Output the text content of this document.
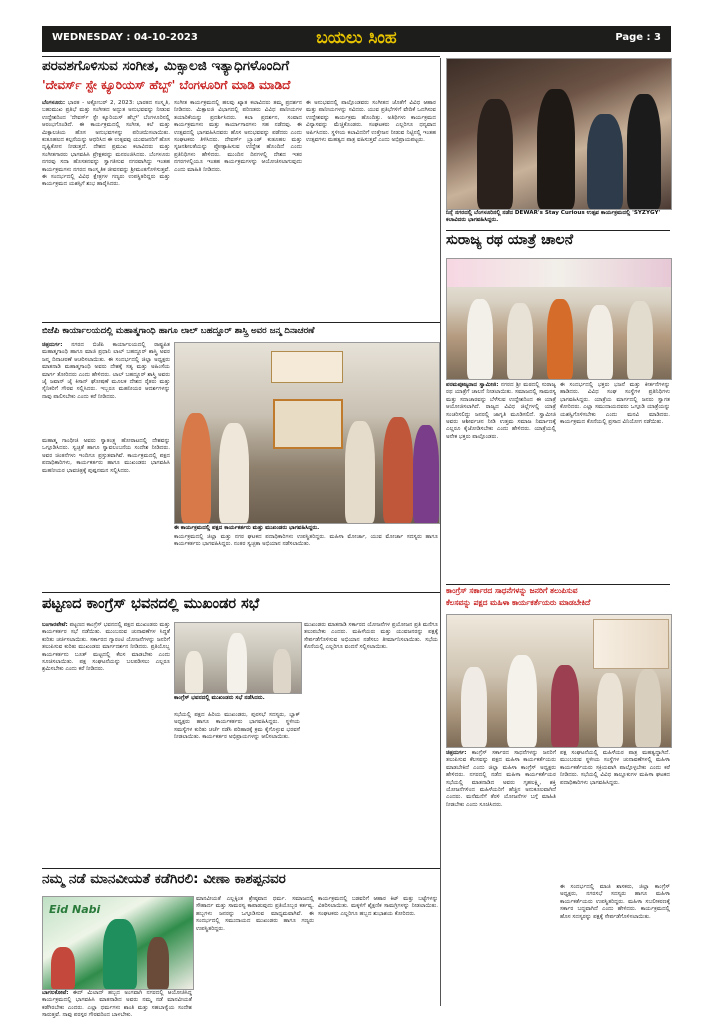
WEDNESDAY : 04-10-2023	ಬಯಲು ಸಿಂಹ	Page : 3
ಪರವಶಗೊಳಿಸುವ ಸಂಗೀತ, ಮಿಕ್ಸಾಲಜಿ ಇತ್ಯಾಧಿಗಳೊಂದಿಗೆ
'ದೇವರ್ಸ್ ಸ್ಟೇ ಕ್ಯೂರಿಯಸ್ ಹೆಬ್ಬ್' ಬೆಂಗಳೂರಿಗೆ ಮಾಡಿ ಮಾಡಿದೆ
ಬೆಂಗಳೂರು: ಭಾರತ - ಅಕ್ಟೋಬರ್ 2, 2023: ಭಾರತದ ಸಂಸ್ಕೃತಿ, ಬಹುಮುಖ ಪ್ರತಿಭೆ ಮತ್ತು ಸಂಗೀತದ ಅದ್ಭುತ ಅನುಭವವನ್ನು ನೀಡುವ ಉದ್ದೇಶದಿಂದ 'ದೇವರ್ಸ್ ಸ್ಟೇ ಕ್ಯೂರಿಯಸ್ ಹೆಬ್ಬ್' ಬೆಂಗಳೂರಿನಲ್ಲಿ ಆರಂಭಗೊಂಡಿದೆ. ಈ ಕಾರ್ಯಕ್ರಮದಲ್ಲಿ ಸಂಗೀತ, ಕಲೆ ಮತ್ತು ಮಿಕ್ಸಾಲಜಿಯ ಹೊಸ ಅನುಭವಗಳನ್ನು ಪರಿಚಯಿಸಲಾಯಿತು. ಕುತೂಹಲದ ಕಲ್ಪನೆಯನ್ನು ಆಧರಿಸಿದ ಈ ಉತ್ಸವವು ಯುವಜನರಿಗೆ ಹೊಸ ದೃಷ್ಟಿಕೋನ ನೀಡುತ್ತದೆ. ದೇಶದ ಪ್ರಮುಖ ಕಲಾವಿದರು ಮತ್ತು ಸಂಗೀತಗಾರರು ಭಾಗವಹಿಸಿ ಪ್ರೇಕ್ಷಕರನ್ನು ಮನರಂಜಿಸಿದರು. ಬೆಂಗಳೂರು ನಗರವು ಸದಾ ಹೊಸತನವನ್ನು ಸ್ವಾಗತಿಸುವ ನಗರವಾಗಿದ್ದು ಇಂತಹ ಕಾರ್ಯಕ್ರಮಗಳು ನಗರದ ಸಾಂಸ್ಕೃತಿಕ ಜೀವನವನ್ನು ಶ್ರೀಮಂತಗೊಳಿಸುತ್ತವೆ. ಈ ಸಂದರ್ಭದಲ್ಲಿ ವಿವಿಧ ಕ್ಷೇತ್ರಗಳ ಗಣ್ಯರು ಉಪಸ್ಥಿತರಿದ್ದರು ಮತ್ತು ಕಾರ್ಯಕ್ರಮದ ಯಶಸ್ಸಿಗೆ ಶುಭ ಹಾರೈಸಿದರು.
ಸಂಗೀತ ಕಾರ್ಯಕ್ರಮದಲ್ಲಿ ಹಲವು ಖ್ಯಾತ ಕಲಾವಿದರು ತಮ್ಮ ಪ್ರದರ್ಶನ ನೀಡಿದರು. ಮಿಕ್ಸಾಲಜಿ ವಿಭಾಗದಲ್ಲಿ ಪರಿಣತರು ವಿವಿಧ ಪಾನೀಯಗಳ ತಯಾರಿಕೆಯನ್ನು ಪ್ರದರ್ಶಿಸಿದರು. ಕಲಾ ಪ್ರದರ್ಶನ, ಸಂವಾದ ಕಾರ್ಯಕ್ರಮಗಳು ಮತ್ತು ಕಾರ್ಯಾಗಾರಗಳು ಸಹ ನಡೆದವು. ಈ ಉತ್ಸವದಲ್ಲಿ ಭಾಗವಹಿಸಿದವರು ಹೊಸ ಅನುಭವವನ್ನು ಪಡೆದರು ಎಂದು ಸಂಘಟಕರು ತಿಳಿಸಿದರು. ದೇವರ್ಸ್ ಬ್ರ್ಯಾಂಡ್ ಕುತೂಹಲ ಮತ್ತು ಸೃಜನಶೀಲತೆಯನ್ನು ಪ್ರೋತ್ಸಾಹಿಸುವ ಉದ್ದೇಶ ಹೊಂದಿದೆ ಎಂದು ಪ್ರತಿನಿಧಿಗಳು ಹೇಳಿದರು. ಮುಂದಿನ ದಿನಗಳಲ್ಲಿ ದೇಶದ ಇತರ ನಗರಗಳಲ್ಲಿಯೂ ಇಂತಹ ಕಾರ್ಯಕ್ರಮಗಳನ್ನು ಆಯೋಜಿಸಲಾಗುವುದು ಎಂದು ಮಾಹಿತಿ ನೀಡಿದರು.
ಈ ಅನುಭವದಲ್ಲಿ ಪಾಲ್ಗೊಂಡವರು ಸಂಗೀತದ ಜೊತೆಗೆ ವಿವಿಧ ಆಹಾರ ಮತ್ತು ಪಾನೀಯಗಳನ್ನು ಸವಿದರು. ಯುವ ಪ್ರತಿಭೆಗಳಿಗೆ ವೇದಿಕೆ ಒದಗಿಸುವ ಉದ್ದೇಶವನ್ನು ಕಾರ್ಯಕ್ರಮ ಹೊಂದಿತ್ತು. ಅತಿಥಿಗಳು ಕಾರ್ಯಕ್ರಮದ ವಿನ್ಯಾಸವನ್ನು ಮೆಚ್ಚಿಕೊಂಡರು. ಸಂಘಟಕರು ಎಲ್ಲರಿಗೂ ಧನ್ಯವಾದ ಅರ್ಪಿಸಿದರು. ಸ್ಥಳೀಯ ಕಲಾವಿದರಿಗೆ ಉತ್ತೇಜನ ನೀಡುವ ನಿಟ್ಟಿನಲ್ಲಿ ಇಂತಹ ಉತ್ಸವಗಳು ಮಹತ್ವದ ಪಾತ್ರ ವಹಿಸುತ್ತವೆ ಎಂದು ಅಭಿಪ್ರಾಯಪಟ್ಟರು.
ನಿನ್ನೆ ನಗರದಲ್ಲಿ ಬೆಂಗಳೂರಿನಲ್ಲಿ ನಡೆದ DEWAR's Stay Curious ಉತ್ಸವ ಕಾರ್ಯಕ್ರಮದಲ್ಲಿ 'SYZYGY' ಕಲಾವಿದರು ಭಾಗವಹಿಸಿದ್ದರು.
ಬಿಜೆಪಿ ಕಾರ್ಯಾಲಯದಲ್ಲಿ ಮಹಾತ್ಮಗಾಂಧಿ ಹಾಗೂ ಲಾಲ್ ಬಹದ್ದೂರ್ ಶಾಸ್ತ್ರಿ ಅವರ ಜನ್ಮ ದಿನಾಚರಣೆ
ಚಿತ್ರದುರ್ಗ: ನಗರದ ಬಿಜೆಪಿ ಕಾರ್ಯಾಲಯದಲ್ಲಿ ರಾಷ್ಟ್ರಪಿತ ಮಹಾತ್ಮಗಾಂಧಿ ಹಾಗೂ ಮಾಜಿ ಪ್ರಧಾನಿ ಲಾಲ್ ಬಹದ್ದೂರ್ ಶಾಸ್ತ್ರಿ ಅವರ ಜನ್ಮ ದಿನಾಚರಣೆ ಆಚರಿಸಲಾಯಿತು. ಈ ಸಂದರ್ಭದಲ್ಲಿ ಜಿಲ್ಲಾ ಅಧ್ಯಕ್ಷರು ಮಾತನಾಡಿ ಮಹಾತ್ಮಗಾಂಧಿ ಅವರು ದೇಶಕ್ಕೆ ಸತ್ಯ ಮತ್ತು ಅಹಿಂಸೆಯ ಮಾರ್ಗ ತೋರಿದರು ಎಂದು ಹೇಳಿದರು. ಲಾಲ್ ಬಹದ್ದೂರ್ ಶಾಸ್ತ್ರಿ ಅವರು ಜೈ ಜವಾನ್ ಜೈ ಕಿಸಾನ್ ಘೋಷಣೆ ಮೂಲಕ ದೇಶದ ರೈತರು ಮತ್ತು ಸೈನಿಕರಿಗೆ ಗೌರವ ಸಲ್ಲಿಸಿದರು. ಇಬ್ಬರೂ ಮಹನೀಯರ ಆದರ್ಶಗಳನ್ನು ನಾವು ಪಾಲಿಸಬೇಕು ಎಂದು ಕರೆ ನೀಡಿದರು.
ಮಹಾತ್ಮ ಗಾಂಧೀಜಿ ಅವರು ಸ್ವಾತಂತ್ರ್ಯ ಹೋರಾಟದಲ್ಲಿ ದೇಶವನ್ನು ಒಗ್ಗೂಡಿಸಿದರು. ಸ್ವಚ್ಛತೆ ಹಾಗೂ ಸ್ವಾವಲಂಬನೆಯ ಸಂದೇಶ ನೀಡಿದರು. ಅವರ ಚಿಂತನೆಗಳು ಇಂದಿಗೂ ಪ್ರಸ್ತುತವಾಗಿವೆ. ಕಾರ್ಯಕ್ರಮದಲ್ಲಿ ಪಕ್ಷದ ಪದಾಧಿಕಾರಿಗಳು, ಕಾರ್ಯಕರ್ತರು ಹಾಗೂ ಮುಖಂಡರು ಭಾಗವಹಿಸಿ ಮಹನೀಯರ ಭಾವಚಿತ್ರಕ್ಕೆ ಪುಷ್ಪನಮನ ಸಲ್ಲಿಸಿದರು.
ಈ ಕಾರ್ಯಕ್ರಮದಲ್ಲಿ ಪಕ್ಷದ ಕಾರ್ಯಕರ್ತರು ಮತ್ತು ಮುಖಂಡರು ಭಾಗವಹಿಸಿದ್ದರು.
ಕಾರ್ಯಕ್ರಮದಲ್ಲಿ ಜಿಲ್ಲಾ ಮತ್ತು ನಗರ ಘಟಕದ ಪದಾಧಿಕಾರಿಗಳು ಉಪಸ್ಥಿತರಿದ್ದರು. ಮಹಿಳಾ ಮೋರ್ಚಾ, ಯುವ ಮೋರ್ಚಾ ಸದಸ್ಯರು ಹಾಗೂ ಕಾರ್ಯಕರ್ತರು ಭಾಗವಹಿಸಿದ್ದರು. ನಂತರ ಸ್ವಚ್ಛತಾ ಅಭಿಯಾನ ನಡೆಸಲಾಯಿತು.
ಸುರಾಜ್ಯ ರಥ ಯಾತ್ರೆ ಚಾಲನೆ
ಪರಮಪೂಜ್ಯರಾದ ಸ್ವಾಮೀಜಿ: ನಗರದ ಶ್ರೀ ಮಠದಲ್ಲಿ ಸುರಾಜ್ಯ ರಥ ಯಾತ್ರೆಗೆ ಚಾಲನೆ ನೀಡಲಾಯಿತು. ಸಮಾಜದಲ್ಲಿ ಸಾಮರಸ್ಯ ಮತ್ತು ಸದಾಚಾರವನ್ನು ಬೆಳೆಸುವ ಉದ್ದೇಶದಿಂದ ಈ ಯಾತ್ರೆ ಆಯೋಜಿಸಲಾಗಿದೆ. ರಾಜ್ಯದ ವಿವಿಧ ಜಿಲ್ಲೆಗಳಲ್ಲಿ ಯಾತ್ರೆ ಸಂಚರಿಸಲಿದ್ದು ಜನರಲ್ಲಿ ಜಾಗೃತಿ ಮೂಡಿಸಲಿದೆ. ಸ್ವಾಮೀಜಿ ಅವರು ಆಶೀರ್ವಚನ ನೀಡಿ ಉತ್ತಮ ಸಮಾಜ ನಿರ್ಮಾಣಕ್ಕೆ ಎಲ್ಲರೂ ಕೈಜೋಡಿಸಬೇಕು ಎಂದು ಹೇಳಿದರು. ಯಾತ್ರೆಯಲ್ಲಿ ಅನೇಕ ಭಕ್ತರು ಪಾಲ್ಗೊಂಡರು.
ಈ ಸಂದರ್ಭದಲ್ಲಿ ಭಕ್ತರು ಭಜನೆ ಮತ್ತು ಕೀರ್ತನೆಗಳನ್ನು ಹಾಡಿದರು. ವಿವಿಧ ಸಂಘ ಸಂಸ್ಥೆಗಳ ಪ್ರತಿನಿಧಿಗಳು ಭಾಗವಹಿಸಿದ್ದರು. ಯಾತ್ರೆಯ ಮಾರ್ಗದಲ್ಲಿ ಜನರು ಸ್ವಾಗತ ಕೋರಿದರು. ಎಲ್ಲಾ ಸಮುದಾಯದವರು ಒಗ್ಗೂಡಿ ಯಾತ್ರೆಯನ್ನು ಯಶಸ್ವಿಗೊಳಿಸಬೇಕು ಎಂದು ಮನವಿ ಮಾಡಿದರು. ಕಾರ್ಯಕ್ರಮದ ಕೊನೆಯಲ್ಲಿ ಪ್ರಸಾದ ವಿನಿಯೋಗ ನಡೆಯಿತು.
ಪಟ್ಟಣದ ಕಾಂಗ್ರೆಸ್ ಭವನದಲ್ಲಿ ಮುಖಂಡರ ಸಭೆ
ಬಂಗಾರಪೇಟೆ: ಪಟ್ಟಣದ ಕಾಂಗ್ರೆಸ್ ಭವನದಲ್ಲಿ ಪಕ್ಷದ ಮುಖಂಡರು ಮತ್ತು ಕಾರ್ಯಕರ್ತರ ಸಭೆ ನಡೆಯಿತು. ಮುಂಬರುವ ಚುನಾವಣೆಗಳ ಸಿದ್ಧತೆ ಕುರಿತು ಚರ್ಚಿಸಲಾಯಿತು. ಸರ್ಕಾರದ ಗ್ಯಾರಂಟಿ ಯೋಜನೆಗಳನ್ನು ಜನರಿಗೆ ತಲುಪಿಸುವ ಕುರಿತು ಮುಖಂಡರು ಮಾರ್ಗದರ್ಶನ ನೀಡಿದರು. ಪ್ರತಿಯೊಬ್ಬ ಕಾರ್ಯಕರ್ತನು ಬೂತ್ ಮಟ್ಟದಲ್ಲಿ ಕೆಲಸ ಮಾಡಬೇಕು ಎಂದು ಸೂಚಿಸಲಾಯಿತು. ಪಕ್ಷ ಸಂಘಟನೆಯನ್ನು ಬಲಪಡಿಸಲು ಎಲ್ಲರೂ ಶ್ರಮಿಸಬೇಕು ಎಂದು ಕರೆ ನೀಡಿದರು.
ಕಾಂಗ್ರೆಸ್ ಭವನದಲ್ಲಿ ಮುಖಂಡರು ಸಭೆ ನಡೆಸಿದರು.
ಸಭೆಯಲ್ಲಿ ಪಕ್ಷದ ಹಿರಿಯ ಮುಖಂಡರು, ಪುರಸಭೆ ಸದಸ್ಯರು, ಬ್ಲಾಕ್ ಅಧ್ಯಕ್ಷರು ಹಾಗೂ ಕಾರ್ಯಕರ್ತರು ಭಾಗವಹಿಸಿದ್ದರು. ಸ್ಥಳೀಯ ಸಮಸ್ಯೆಗಳ ಕುರಿತು ಚರ್ಚೆ ನಡೆಸಿ ಪರಿಹಾರಕ್ಕೆ ಕ್ರಮ ಕೈಗೊಳ್ಳುವ ಭರವಸೆ ನೀಡಲಾಯಿತು. ಕಾರ್ಯಕರ್ತರ ಅಭಿಪ್ರಾಯಗಳನ್ನು ಆಲಿಸಲಾಯಿತು.
ಮುಖಂಡರು ಮಾತನಾಡಿ ಸರ್ಕಾರದ ಯೋಜನೆಗಳ ಪ್ರಯೋಜನ ಪ್ರತಿ ಮನೆಗೂ ತಲುಪಬೇಕು ಎಂದರು. ಮಹಿಳೆಯರು ಮತ್ತು ಯುವಜನರನ್ನು ಪಕ್ಷಕ್ಕೆ ಸೇರ್ಪಡೆಗೊಳಿಸುವ ಅಭಿಯಾನ ನಡೆಸಲು ತೀರ್ಮಾನಿಸಲಾಯಿತು. ಸಭೆಯ ಕೊನೆಯಲ್ಲಿ ಎಲ್ಲರಿಗೂ ವಂದನೆ ಸಲ್ಲಿಸಲಾಯಿತು.
ಕಾಂಗ್ರೆಸ್ ಸರ್ಕಾರದ ಸಾಧನೆಗಳನ್ನು ಜನರಿಗೆ ತಲುಪಿಸುವ
ಕೆಲಸವನ್ನು ಪಕ್ಷದ ಮಹಿಳಾ ಕಾರ್ಯಕರ್ತೆಯರು ಮಾಡಬೇಕಿದೆ
ಚಿತ್ರದುರ್ಗ: ಕಾಂಗ್ರೆಸ್ ಸರ್ಕಾರದ ಸಾಧನೆಗಳನ್ನು ಜನರಿಗೆ ತಲುಪಿಸುವ ಕೆಲಸವನ್ನು ಪಕ್ಷದ ಮಹಿಳಾ ಕಾರ್ಯಕರ್ತೆಯರು ಮಾಡಬೇಕಿದೆ ಎಂದು ಜಿಲ್ಲಾ ಮಹಿಳಾ ಕಾಂಗ್ರೆಸ್ ಅಧ್ಯಕ್ಷರು ಹೇಳಿದರು. ನಗರದಲ್ಲಿ ನಡೆದ ಮಹಿಳಾ ಕಾರ್ಯಕರ್ತೆಯರ ಸಭೆಯಲ್ಲಿ ಮಾತನಾಡಿದ ಅವರು ಗೃಹಲಕ್ಷ್ಮಿ, ಶಕ್ತಿ ಯೋಜನೆಗಳಿಂದ ಮಹಿಳೆಯರಿಗೆ ಹೆಚ್ಚಿನ ಅನುಕೂಲವಾಗಿದೆ ಎಂದರು. ಮನೆಮನೆಗೆ ತೆರಳಿ ಯೋಜನೆಗಳ ಬಗ್ಗೆ ಮಾಹಿತಿ ನೀಡಬೇಕು ಎಂದು ಸೂಚಿಸಿದರು.
ಪಕ್ಷ ಸಂಘಟನೆಯಲ್ಲಿ ಮಹಿಳೆಯರ ಪಾತ್ರ ಮಹತ್ವದ್ದಾಗಿದೆ. ಮುಂಬರುವ ಸ್ಥಳೀಯ ಸಂಸ್ಥೆಗಳ ಚುನಾವಣೆಗಳಲ್ಲಿ ಮಹಿಳಾ ಕಾರ್ಯಕರ್ತೆಯರು ಸಕ್ರಿಯವಾಗಿ ಪಾಲ್ಗೊಳ್ಳಬೇಕು ಎಂದು ಕರೆ ನೀಡಿದರು. ಸಭೆಯಲ್ಲಿ ವಿವಿಧ ತಾಲ್ಲೂಕುಗಳ ಮಹಿಳಾ ಘಟಕದ ಪದಾಧಿಕಾರಿಗಳು ಭಾಗವಹಿಸಿದ್ದರು.
ಈ ಸಂದರ್ಭದಲ್ಲಿ ಮಾಜಿ ಶಾಸಕರು, ಜಿಲ್ಲಾ ಕಾಂಗ್ರೆಸ್ ಅಧ್ಯಕ್ಷರು, ನಗರಸಭೆ ಸದಸ್ಯರು ಹಾಗೂ ಮಹಿಳಾ ಕಾರ್ಯಕರ್ತೆಯರು ಉಪಸ್ಥಿತರಿದ್ದರು. ಮಹಿಳಾ ಸಬಲೀಕರಣಕ್ಕೆ ಸರ್ಕಾರ ಬದ್ಧವಾಗಿದೆ ಎಂದು ಹೇಳಿದರು. ಕಾರ್ಯಕ್ರಮದಲ್ಲಿ ಹೊಸ ಸದಸ್ಯರನ್ನು ಪಕ್ಷಕ್ಕೆ ಸೇರ್ಪಡೆಗೊಳಿಸಲಾಯಿತು.
ನಮ್ಮ ನಡೆ ಮಾನವೀಯತೆ ಕಡೆಗಿರಲಿ: ವೀಣಾ ಕಾಶಪ್ಪನವರ
Eid Nabi
ಬಾಗಲಕೋಟೆ: ಈದ್ ಮಿಲಾದ್ ಹಬ್ಬದ ಅಂಗವಾಗಿ ನಗರದಲ್ಲಿ ಆಯೋಜಿಸಿದ್ದ ಕಾರ್ಯಕ್ರಮದಲ್ಲಿ ಭಾಗವಹಿಸಿ ಮಾತನಾಡಿದ ಅವರು ನಮ್ಮ ನಡೆ ಮಾನವೀಯತೆ ಕಡೆಗಿರಬೇಕು ಎಂದರು. ಎಲ್ಲಾ ಧರ್ಮಗಳು ಶಾಂತಿ ಮತ್ತು ಸಹಬಾಳ್ವೆಯ ಸಂದೇಶ ಸಾರುತ್ತವೆ. ನಾವು ಪರಸ್ಪರ ಗೌರವದಿಂದ ಬಾಳಬೇಕು.
ಮಾನವೀಯತೆ ಎಲ್ಲಕ್ಕಿಂತ ಶ್ರೇಷ್ಠವಾದ ಧರ್ಮ. ಸಮಾಜದಲ್ಲಿ ಸೌಹಾರ್ದ ಮತ್ತು ಸಾಮರಸ್ಯ ಕಾಪಾಡುವುದು ಪ್ರತಿಯೊಬ್ಬರ ಕರ್ತವ್ಯ. ಹಬ್ಬಗಳು ಜನರನ್ನು ಒಗ್ಗೂಡಿಸುವ ಮಾಧ್ಯಮವಾಗಿವೆ. ಈ ಸಂದರ್ಭದಲ್ಲಿ ಸಮುದಾಯದ ಮುಖಂಡರು ಹಾಗೂ ಗಣ್ಯರು ಉಪಸ್ಥಿತರಿದ್ದರು.
ಕಾರ್ಯಕ್ರಮದಲ್ಲಿ ಬಡವರಿಗೆ ಆಹಾರ ಕಿಟ್ ಮತ್ತು ಬಟ್ಟೆಗಳನ್ನು ವಿತರಿಸಲಾಯಿತು. ಮಕ್ಕಳಿಗೆ ಶೈಕ್ಷಣಿಕ ಸಾಮಗ್ರಿಗಳನ್ನು ನೀಡಲಾಯಿತು. ಸಂಘಟಕರು ಎಲ್ಲರಿಗೂ ಹಬ್ಬದ ಶುಭಾಶಯ ಕೋರಿದರು.
